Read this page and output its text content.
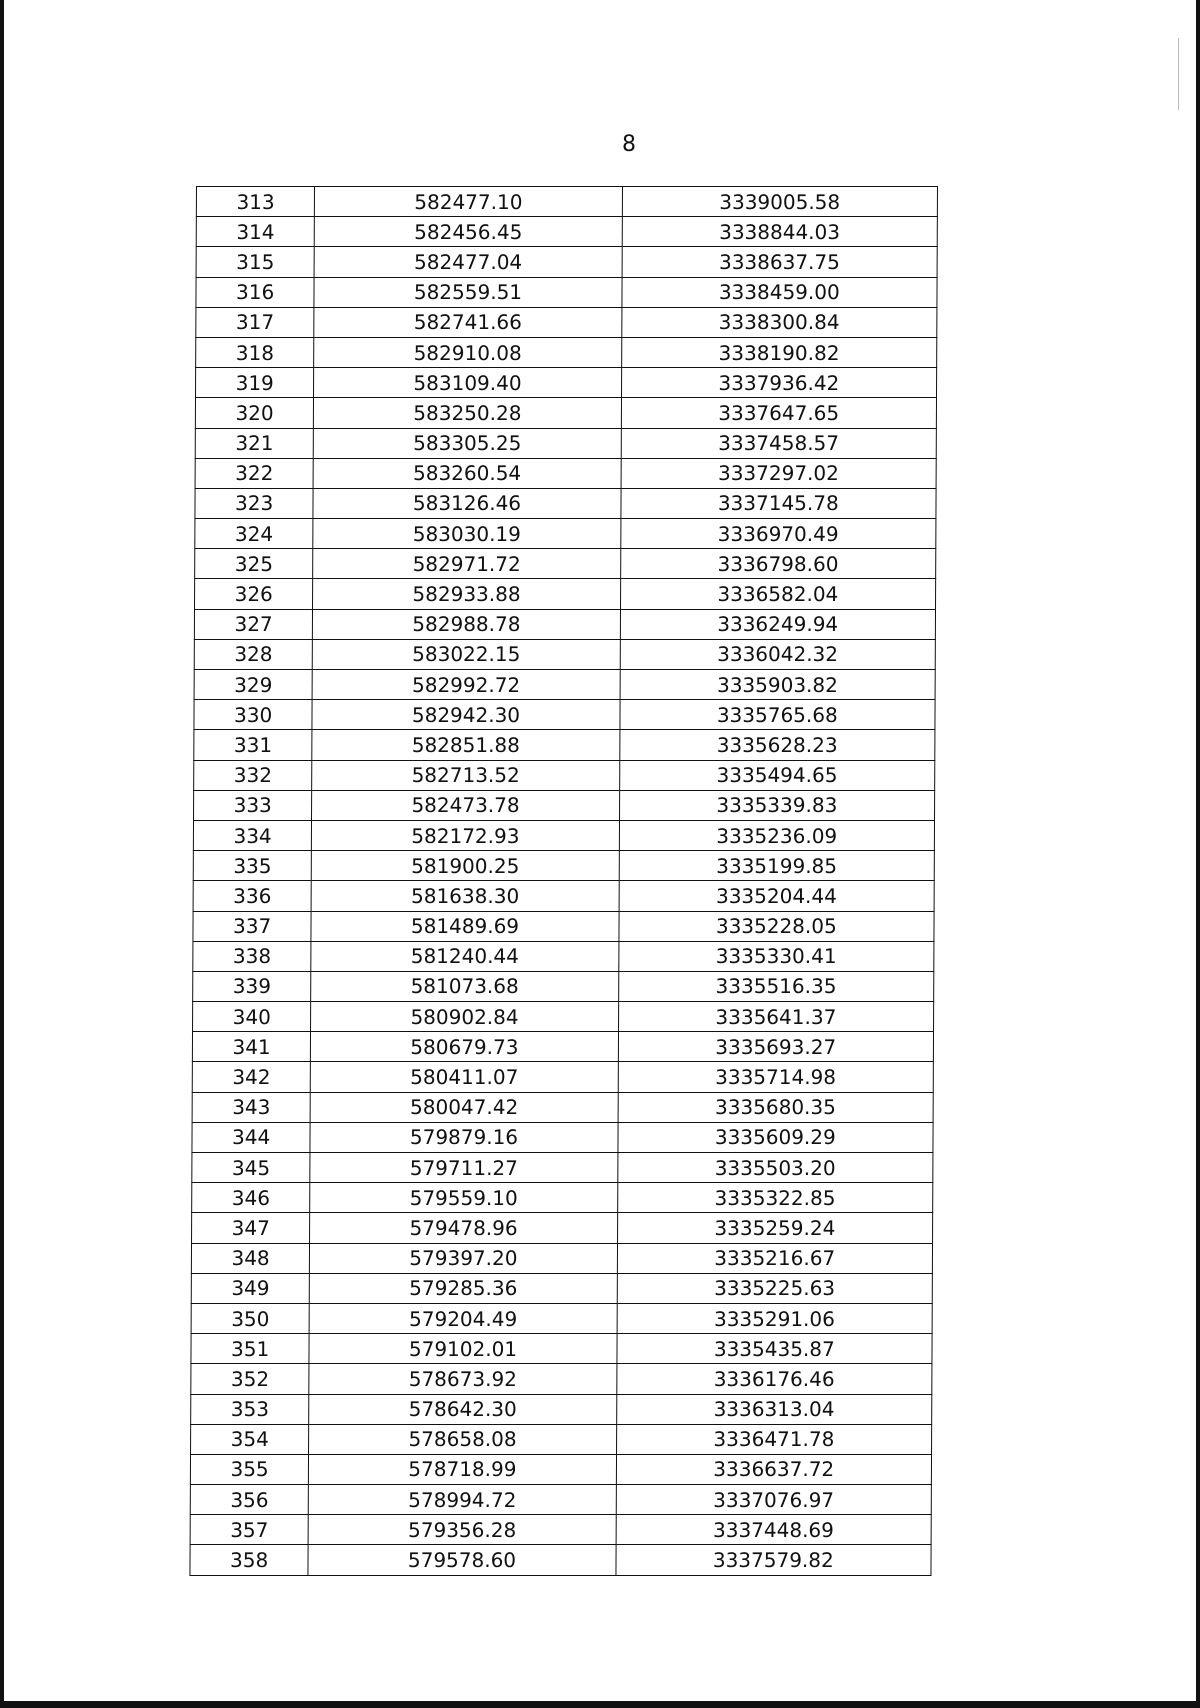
8
313	582477.10	3339005.58
314	582456.45	3338844.03
315	582477.04	3338637.75
316	582559.51	3338459.00
317	582741.66	3338300.84
318	582910.08	3338190.82
319	583109.40	3337936.42
320	583250.28	3337647.65
321	583305.25	3337458.57
322	583260.54	3337297.02
323	583126.46	3337145.78
324	583030.19	3336970.49
325	582971.72	3336798.60
326	582933.88	3336582.04
327	582988.78	3336249.94
328	583022.15	3336042.32
329	582992.72	3335903.82
330	582942.30	3335765.68
331	582851.88	3335628.23
332	582713.52	3335494.65
333	582473.78	3335339.83
334	582172.93	3335236.09
335	581900.25	3335199.85
336	581638.30	3335204.44
337	581489.69	3335228.05
338	581240.44	3335330.41
339	581073.68	3335516.35
340	580902.84	3335641.37
341	580679.73	3335693.27
342	580411.07	3335714.98
343	580047.42	3335680.35
344	579879.16	3335609.29
345	579711.27	3335503.20
346	579559.10	3335322.85
347	579478.96	3335259.24
348	579397.20	3335216.67
349	579285.36	3335225.63
350	579204.49	3335291.06
351	579102.01	3335435.87
352	578673.92	3336176.46
353	578642.30	3336313.04
354	578658.08	3336471.78
355	578718.99	3336637.72
356	578994.72	3337076.97
357	579356.28	3337448.69
358	579578.60	3337579.82
